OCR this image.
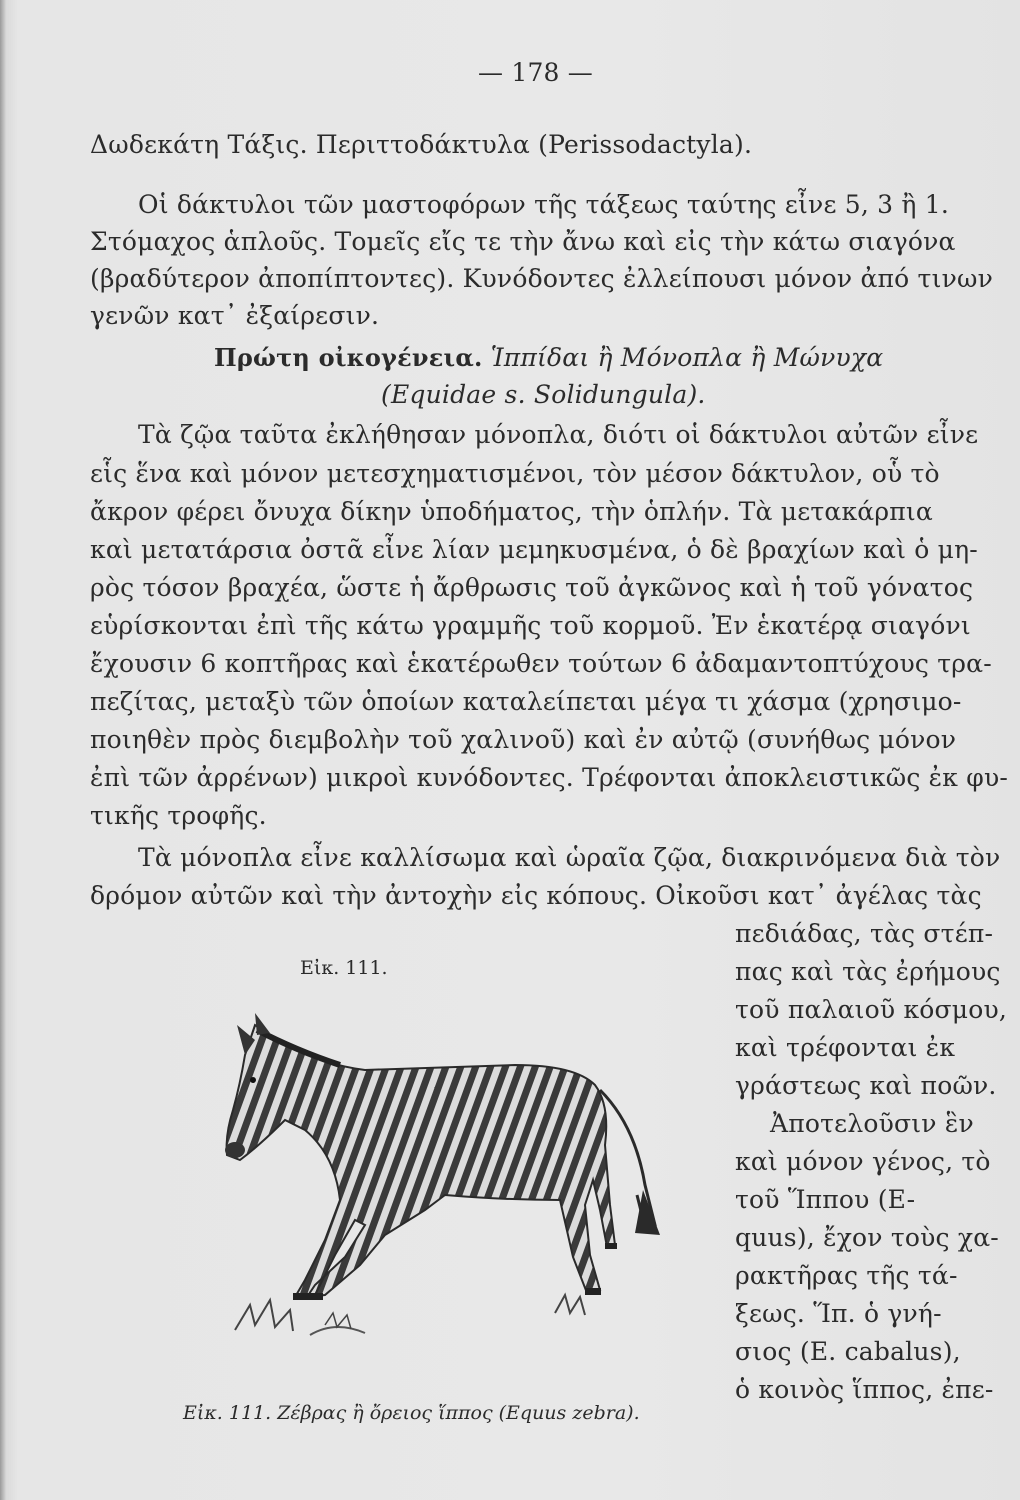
— 178 —
Δωδεκάτη Τάξις. Περιττοδάκτυλα (Perissodactyla).
Οἱ δάκτυλοι τῶν μαστοφόρων τῆς τάξεως ταύτης εἶνε 5, 3 ἢ 1.
Στόμαχος ἁπλοῦς. Τομεῖς εἴς τε τὴν ἄνω καὶ εἰς τὴν κάτω σιαγόνα
(βραδύτερον ἀποπίπτοντες). Κυνόδοντες ἐλλείπουσι μόνον ἀπό τινων
γενῶν κατ᾽ ἐξαίρεσιν.
Πρώτη οἰκογένεια. Ἱππίδαι ἢ Μόνοπλα ἢ Μώνυχα
(Equidae s. Solidungula).
Τὰ ζῷα ταῦτα ἐκλήθησαν μόνοπλα, διότι οἱ δάκτυλοι αὐτῶν εἶνε
εἷς ἕνα καὶ μόνον μετεσχηματισμένοι, τὸν μέσον δάκτυλον, οὗ τὸ
ἄκρον φέρει ὄνυχα δίκην ὑποδήματος, τὴν ὁπλήν. Τὰ μετακάρπια
καὶ μετατάρσια ὀστᾶ εἶνε λίαν μεμηκυσμένα, ὁ δὲ βραχίων καὶ ὁ μη-
ρὸς τόσον βραχέα, ὥστε ἡ ἄρθρωσις τοῦ ἀγκῶνος καὶ ἡ τοῦ γόνατος
εὑρίσκονται ἐπὶ τῆς κάτω γραμμῆς τοῦ κορμοῦ. Ἐν ἑκατέρᾳ σιαγόνι
ἔχουσιν 6 κοπτῆρας καὶ ἑκατέρωθεν τούτων 6 ἀδαμαντοπτύχους τρα-
πεζίτας, μεταξὺ τῶν ὁποίων καταλείπεται μέγα τι χάσμα (χρησιμο-
ποιηθὲν πρὸς διεμβολὴν τοῦ χαλινοῦ) καὶ ἐν αὐτῷ (συνήθως μόνον
ἐπὶ τῶν ἀρρένων) μικροὶ κυνόδοντες. Τρέφονται ἀποκλειστικῶς ἐκ φυ-
τικῆς τροφῆς.
Τὰ μόνοπλα εἶνε καλλίσωμα καὶ ὡραῖα ζῷα, διακρινόμενα διὰ τὸν
δρόμον αὐτῶν καὶ τὴν ἀντοχὴν εἰς κόπους. Οἰκοῦσι κατ᾽ ἀγέλας τὰς
πεδιάδας, τὰς στέπ-
πας καὶ τὰς ἐρήμους
τοῦ παλαιοῦ κόσμου,
καὶ τρέφονται ἐκ
γράστεως καὶ ποῶν.
Ἀποτελοῦσιν ἓν
καὶ μόνον γένος, τὸ
τοῦ Ἵππου (E-
quus), ἔχον τοὺς χα-
ρακτῆρας τῆς τά-
ξεως. Ἵπ. ὁ γνή-
σιος (E. cabalus),
ὁ κοινὸς ἵππος, ἐπε-
Εἰκ. 111.
Εἰκ. 111. Ζέβρας ἢ ὄρειος ἵππος (Equus zebra).
